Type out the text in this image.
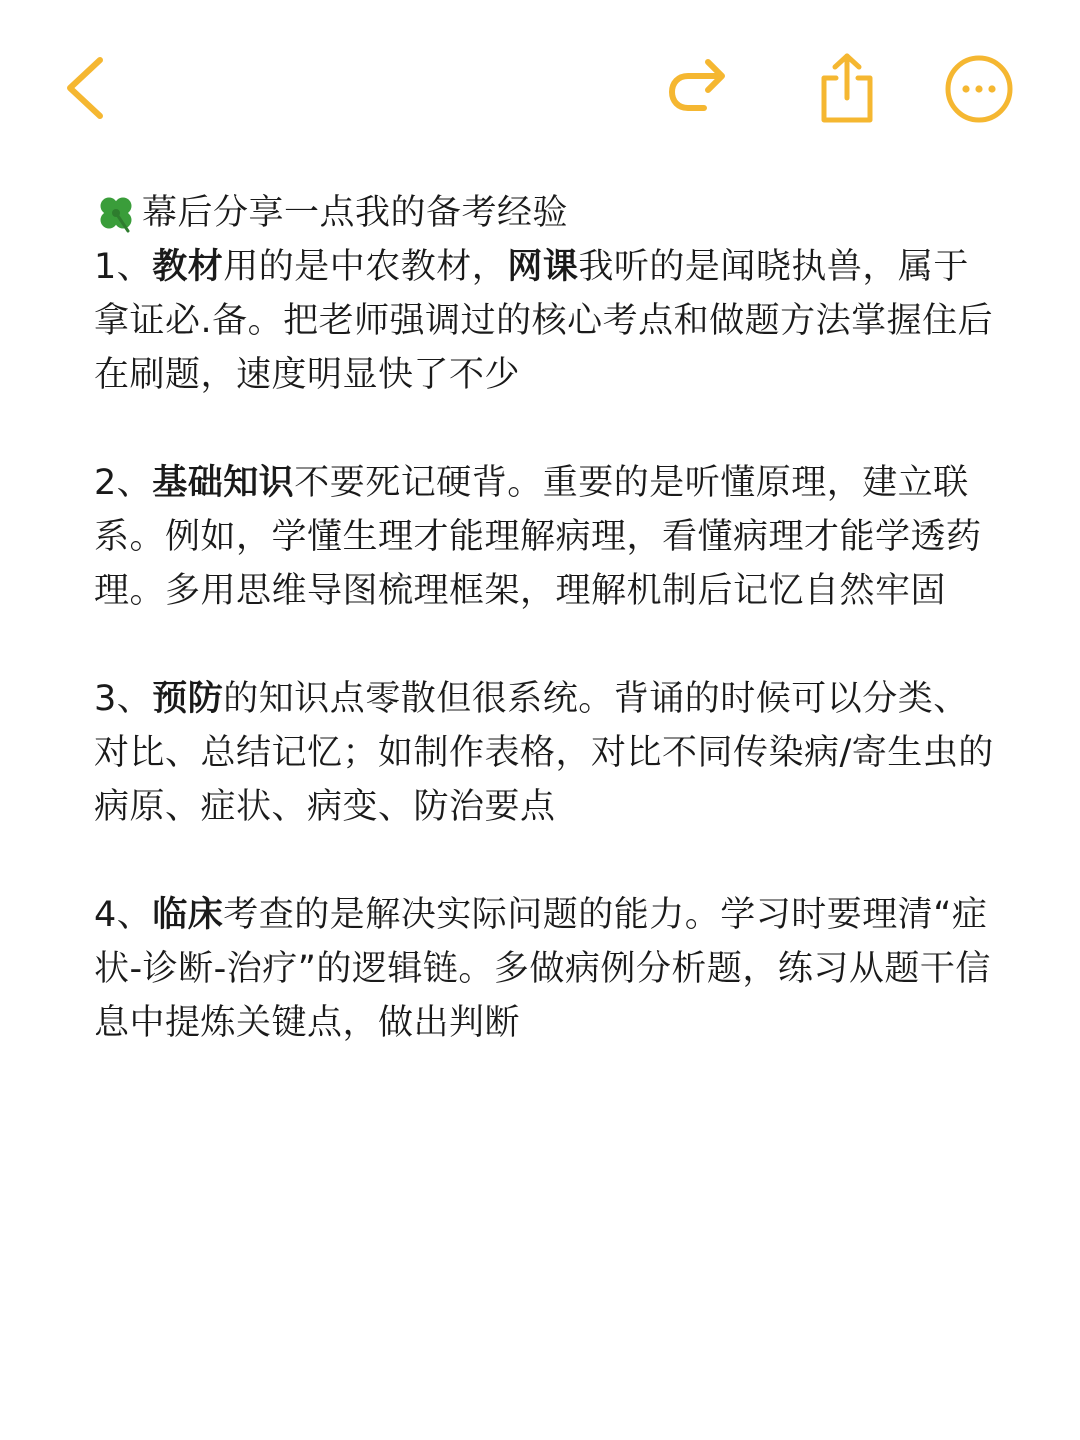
幕后分享一点我的备考经验

1、教材用的是中农教材，网课我听的是闻晓执兽，属于拿证必.备。把老师强调过的核心考点和做题方法掌握住后在刷题，速度明显快了不少

2、基础知识不要死记硬背。重要的是听懂原理，建立联系。例如，学懂生理才能理解病理，看懂病理才能学透药理。多用思维导图梳理框架，理解机制后记忆自然牢固

3、预防的知识点零散但很系统。背诵的时候可以分类、对比、总结记忆；如制作表格，对比不同传染病/寄生虫的病原、症状、病变、防治要点

4、临床考查的是解决实际问题的能力。学习时要理清“症状-诊断-治疗”的逻辑链。多做病例分析题，练习从题干信息中提炼关键点，做出判断
